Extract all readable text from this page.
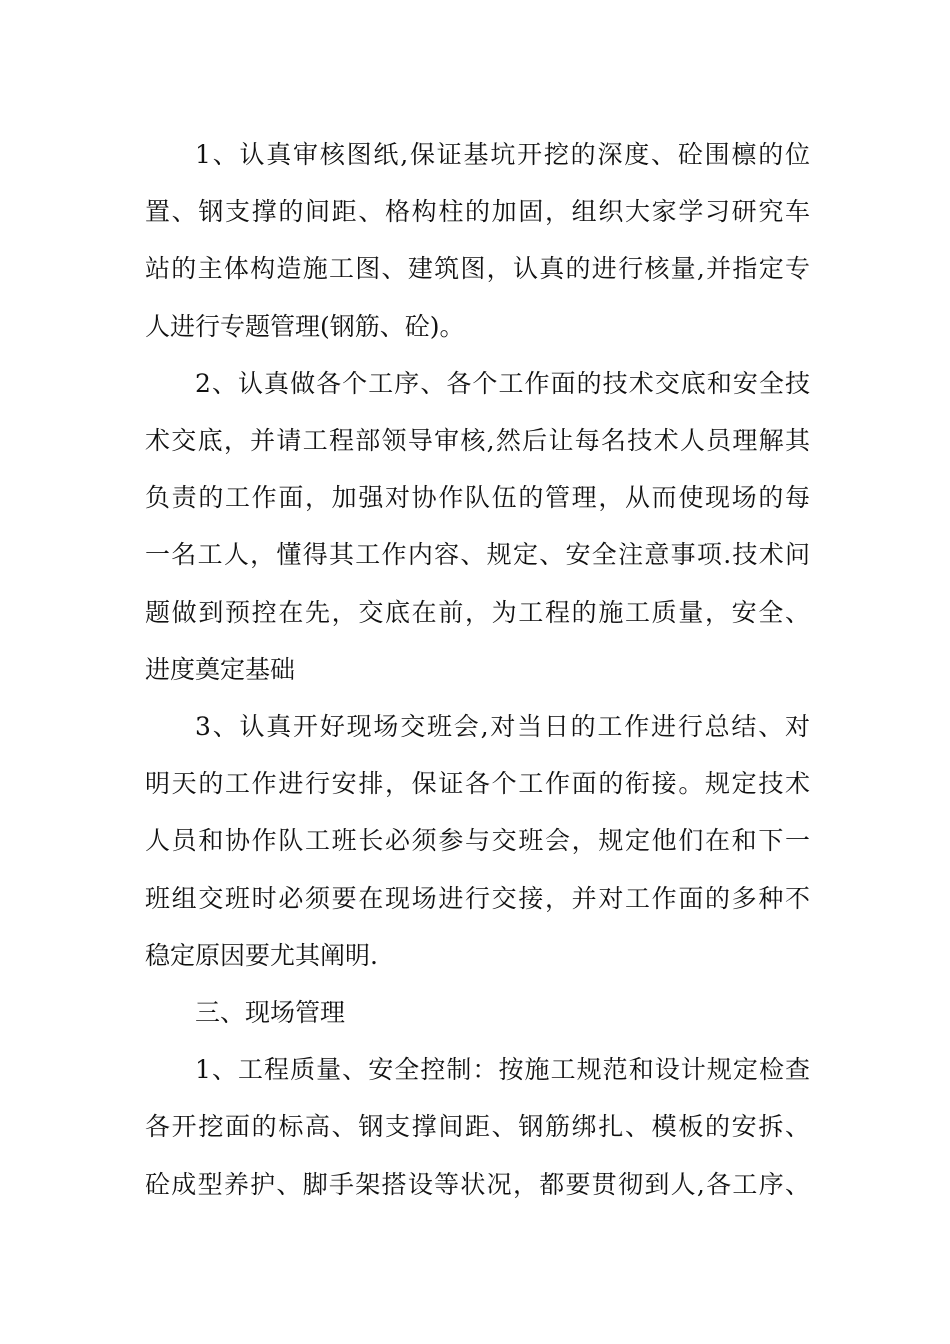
1、认真审核图纸,保证基坑开挖的深度、砼围檩的位
置、钢支撑的间距、格构柱的加固，组织大家学习研究车
站的主体构造施工图、建筑图，认真的进行核量,并指定专
人进行专题管理(钢筋、砼)。

2、认真做各个工序、各个工作面的技术交底和安全技
术交底，并请工程部领导审核,然后让每名技术人员理解其
负责的工作面，加强对协作队伍的管理，从而使现场的每
一名工人，懂得其工作内容、规定、安全注意事项.技术问
题做到预控在先，交底在前，为工程的施工质量，安全、
进度奠定基础

3、认真开好现场交班会,对当日的工作进行总结、对
明天的工作进行安排，保证各个工作面的衔接。规定技术
人员和协作队工班长必须参与交班会，规定他们在和下一
班组交班时必须要在现场进行交接，并对工作面的多种不
稳定原因要尤其阐明.

三、现场管理

1、工程质量、安全控制：按施工规范和设计规定检查
各开挖面的标高、钢支撑间距、钢筋绑扎、模板的安拆、
砼成型养护、脚手架搭设等状况，都要贯彻到人,各工序、
